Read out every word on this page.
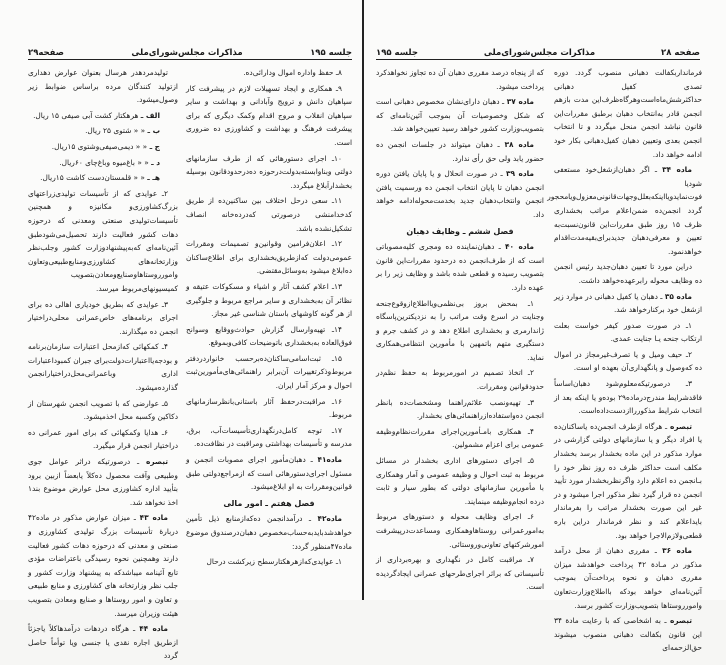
جلسه ۱۹۵
مذاکرات مجلس‌شورای‌ملی
صفحه۲۹

۸ـ حفظ واداره اموال ودارائی‌ده.

۹ـ همکاری و ایجاد تسهیلات لازم در پیشرفت کار سپاهیان دانش و ترویج وآبادانی و بهداشت و سایر سپاهیان انقلاب و مروج اقدام وکمک دیگری که برای پیشرفت فرهنگ و بهداشت و کشاورزی ده ضروری است.

۱۰ـ اجرای دستورهائی که از طرف سازمانهای دولتی وبناوابسته‌بدولت‌درحوزه ده‌درحدودقانون بوسیله بخشداراَبلاغ میگردد.

۱۱ـ سعی درحل اختلاف بین ساکنین‌ده از طریق کدخدامنشی درصورتی که‌درده‌خانه انصاف تشکیل‌نشده باشد.

۱۲ـ اعلان‌فرامین وقوانین‌و تصمیمات ومقررات عمومی‌دولت که‌ازطریق‌بخشداری برای اطلاع‌ساکنان ده‌ابلاغ میشود به‌وسائل‌مقتضی.

۱۳ـ اعلام کشف آثار و اشیاء و مسکوکات عتیقه و نظائر آن به‌بخشداری و سایر مراجع مربوط و جلوگیری از هر گونه کاوشهای باستان شناسی غیر مجاز.

۱۴ـ تهیه‌وارسال گزارش حوادث‌ووقایع وسوانح فوق‌العاده به‌بخشداری باتوضیحات کافی‌وبموقع.

۱۵ـ ثبت‌اسامی‌ساکنان‌ده‌برحسب خانوار‌دردفتر مربوط‌وذکر‌تغییرات آن‌برابر راهنمائی‌های‌مأمورین‌ثبت احوال و مرکز آمار ایران.

۱۶ـ مراقبت‌درحفظ آثار باستانی‌بانظر‌سازمانهای مربوط.

۱۷ـ توجه کامل‌درنگهداری‌تأسیسات‌آب، برق، مدرسه و تأسیسات بهداشتی ومراقبت در نظافت‌ده.

ماده۴۱ ـ دهبان‌مأمور اجرای مصوبات انجمن و مسئول اجرای‌دستورهائی است که ازمراجع‌دولتی طبق قوانین‌ومقررات به او ابلاغ‌میشود.

فصل هفتم ـ امور مالی

ماده۴۲ ـ درآمدانجمن ده‌که‌ازمنابع ذیل تأمین خواهدشدبایدبه‌حساب‌مخصوص دهبان‌درصندوق موضوع ماده۴۷منظور گردد:

۱ـ عوایدی‌که‌ازهرهکتارسطح زیرکشت درحال

تولیدمردهدر هرسال بعنوان عوارض دهداری ازتولید کنندگان مرده براساس ضوابط زیر وصول‌میشود.

الف ـ هرهکتار کشت آبی صیفی ۱۵ ریال.

ب ـ « « شتوی ۲۵ ریال.

ج ـ « « دیمی‌صیفی‌وشتوی ۱۵ریال.

د ـ « « باغ‌میوه وباغ‌چای ۶۰ریال.

هـ ـ « « قلمستان‌دست کاشت ۱۵ریال.

۲ـ عوایدی که از تأسیسات تولیدی‌زراعتهای بزرگ‌کشاورزی‌و مکانیزه و همچنین تأسیسات‌تولیدی صنعتی ومعدنی که درحوزه دهات کشور فعالیت دارند تحصیل‌می‌شودطبق آئین‌نامه‌ای که‌به‌پیشنهادوزارت کشور وجلب‌نظر وزارتخانه‌های کشاورزی‌ومنابع‌طبیعی‌وتعاون وامورروستاهاوصنایع‌ومعادن‌بتصویب کمیسیونهای‌مربوط میرسد.

۳ـ عوایدی که بطریق خودیاری اهالی ده برای اجرای برنامه‌های خاص‌عمرانی محلی‌دراختیار انجمن ده میگذارند.

۴ـ کمکهائی که‌ازمحل اعتبارات سازمان‌برنامه و بودجه‌یا‌اعتبارات‌دولت‌برای جبران کمبوداعتبارات اداری وباعمرانی‌محل‌دراختیار‌انجمن گذارده‌میشود.

۵ـ عوارضی که با تصویب انجمن شهرستان از دکاکین وکسبه محل اخذمیشود.

۶ـ هدایا وکمکهائی که برای امور عمرانی ده دراختیار انجمن قرار میگیرد.

تبصره ـ درصورتیکه دراثر عوامل جوی وطبیعی وآفت محصول ده‌کلاً یابعضاً ازبین برود بتأیید اداره کشاورزی محل عوارض موضوع بند۱ اخذ نخواهد شد.

ماده ۴۳ ـ میزان عوارض مذکور در ماده۴۲ دربارهٔ تأسیسات بزرگ تولیدی کشاورزی و صنعتی و معدنی که درحوزه دهات کشور فعالیت دارند وهمچنین نحوه رسیدگی باعتراضات مؤدی تابع آئینامه میباشدکه به پیشنهاد وزارت کشور و جلب نظر وزارتخانه های کشاورزی و منابع طبیعی و تعاون و امور روستاها و صنایع ومعادن بتصویب هیئت وزیران میرسد.

ماده ۴۴ ـ هرگاه دردهات درآمدهاکلاً یاجزئاً ازطریق اجاره نقدی یا جنسی ویا توأماً حاصل گردد

صفحه ۲۸
مذاکرات مجلس‌شورای‌ملی
جلسه ۱۹۵

فرماندار‌بکفالت دهبانی منصوب گردد. دوره تصدی کفیل دهبانی حداکثرشش‌ماه‌است‌وهرگاه‌ظرف‌این مدت بازهم انجمن قادر به‌انتخاب دهبان برطبق مقررات‌این قانون نباشد انجمن منحل میگردد و تا انتخاب انجمن بعدی وتعیین دهبان کفیل‌دهبانی بکار خود ادامه خواهد داد.

ماده ۳۴ ـ اگر دهبان‌ازشغل‌خود مستعفی شود‌یا فوت‌نماید‌و‌یا‌اینکه‌بعلل‌وجهات‌قانونی‌معزول‌و‌یا‌محجور گردد انجمن‌ده ضمن‌اعلام مراتب بخشداری ظرف ۱۵ روز طبق مقررات‌این قانون‌نسبت‌به تعیین و معرفی‌دهبان جدیدبرای‌بقیه‌مدت‌اقدام خواهدنمود.

دراین مورد تا تعیین دهبان‌جدید رئیس انجمن ده وظایف محوله را‌برعهده‌خواهد داشت.

ماده ۳۵ ـ دهبان یا کفیل دهبانی در موارد زیر ازشغل خود برکنارخواهد شد.

۱ـ در صورت صدور کیفر خواست بعلت ارتکاب جنحه یـا جنایت عمدی.

۲ـ حیف ومیل و یا تصرف‌غیرمجاز در اموال ده که‌وصول و پانگهداری‌آن بعهده او است.

۳ـ درصورتیکه‌معلوم‌شود دهبان‌اساساً فاقدشرایط مندرج‌درماده۲۹ بوده‌و یا اینکه بعد از انتخاب شرایط مذکور‌راازدست‌داده‌است.

تبصره ـ هرگاه ازطرف انجمن‌ده یاساکنان‌ده یا افراد دیگر و یا سازمانهای دولتی گزارشی در موارد مذکور در این ماده بخشدار برسد بخشدار مکلف است حداکثر ظرف ده روز نظر خود را بـانجمن ده اعلام دارد واگرنظربخشدار مورد تأیید انجمن ده قرار گیرد نظر مذکور اجرا میشود و در غیر این صورت بخشدار مراتب را بفرماندار باید‌اعلام کند و نظر فرماندار دراین باره قطعی‌ولازم‌الاجرا خواهد بود.

ماده ۳۶ ـ مقرری دهبان از محل درآمد مذکور در مـادة ۴۲ پرداخت خواهدشد میزان مقرری دهبان و نحوه پرداخت‌آن بموجب آئین‌نامه‌ای خواهد بودکه بااطلاع‌وزارت‌تعاون وامورروستاها بتصویب‌وزارت کشور برسد.

تبصره ـ به اشخاصی که با رعایت مادة ۳۴ این قانون بکفالت دهبانی منصوب میشوند حق‌الزحمه‌ای

که از پنجاه درصد مقرری دهبان آن ده تجاوز نخواهدکرد پرداخت میشود.

ماده ۳۷ ـ دهبان دارای‌نشان مخصوص دهبانی است که شکل وخصوصیات آن بموجب آئین‌نامه‌ای که بتصویب‌وزارت کشور خواهد رسید تعیین‌خواهد شد.

ماده ۳۸ ـ دهبان میتواند در جلسات انجمن ده حضور یابد ولی حق رأی ندارد.

ماده ۳۹ ـ در صورت انحلال و یا پایان یافتن دوره انجمن دهبان تا پایان انتخاب انجمن ده ورسمیت یافتن انجمن وانتخاب‌دهبان جدید بخدمت‌محوله‌ادامه خواهد داد.

فصل ششم ـ وظایف دهبان

ماده ۴۰ ـ دهبان‌نماینده ده ومجری کلیه‌مصوباتی است که از طرف‌انجمن ده درحدود مقررات‌این قانون بتصویب رسیده و قطعی شده باشد و وظایف زیر را بر عهده دارد.

۱ـ بمحض بروز بی‌نظمی‌و‌یااطلاع‌ازوقوع‌جنحه وجنایت در اسرع وقت مراتب را به نزدیکترین‌پاسگاه ژاندارمری و بخشداری اطلاع دهد و در کشف جرم و دستگیری متهم باتمهین با مأمورین انتظامی‌همکاری نماید.

۲ـ اتخاذ تصمیم در امورمربوط به حفظ نظم‌در حدودقوانین ومقررات.

۳ـ تهیه‌ونصب علائم‌راهنما ومشخصات‌ده بانظر انجمن ده‌واستفاده‌از‌راهنمائی‌های بخشدار.

۴ـ همکاری بامـأمورین‌اجرای مقررات‌نظام‌وظیفه عمومی برای اعزام مشمولین.

۵ـ اجرای دستورهای اداری بخشدار در مسائل مربوط به ثبت احوال و وظیفه عمومی و آمار وهمکاری با مأمورین سازمانهای دولتی که بطور سیار و ثابت درده انجام‌وظیفه مینمایند.

۶ـ اجرای وظایف محوله و دستورهای مربوط به‌امورعمرانی روستاهاوهمکاری ومساعدت‌درپیشرفت امورشرکتهای تعاونی‌وروستائی.

۷ـ مراقبت کامل در نگهداری و بهره‌برداری از تأسیساتی که براثر اجرای‌طرحهای عمرانی ایجادگردیده است.
